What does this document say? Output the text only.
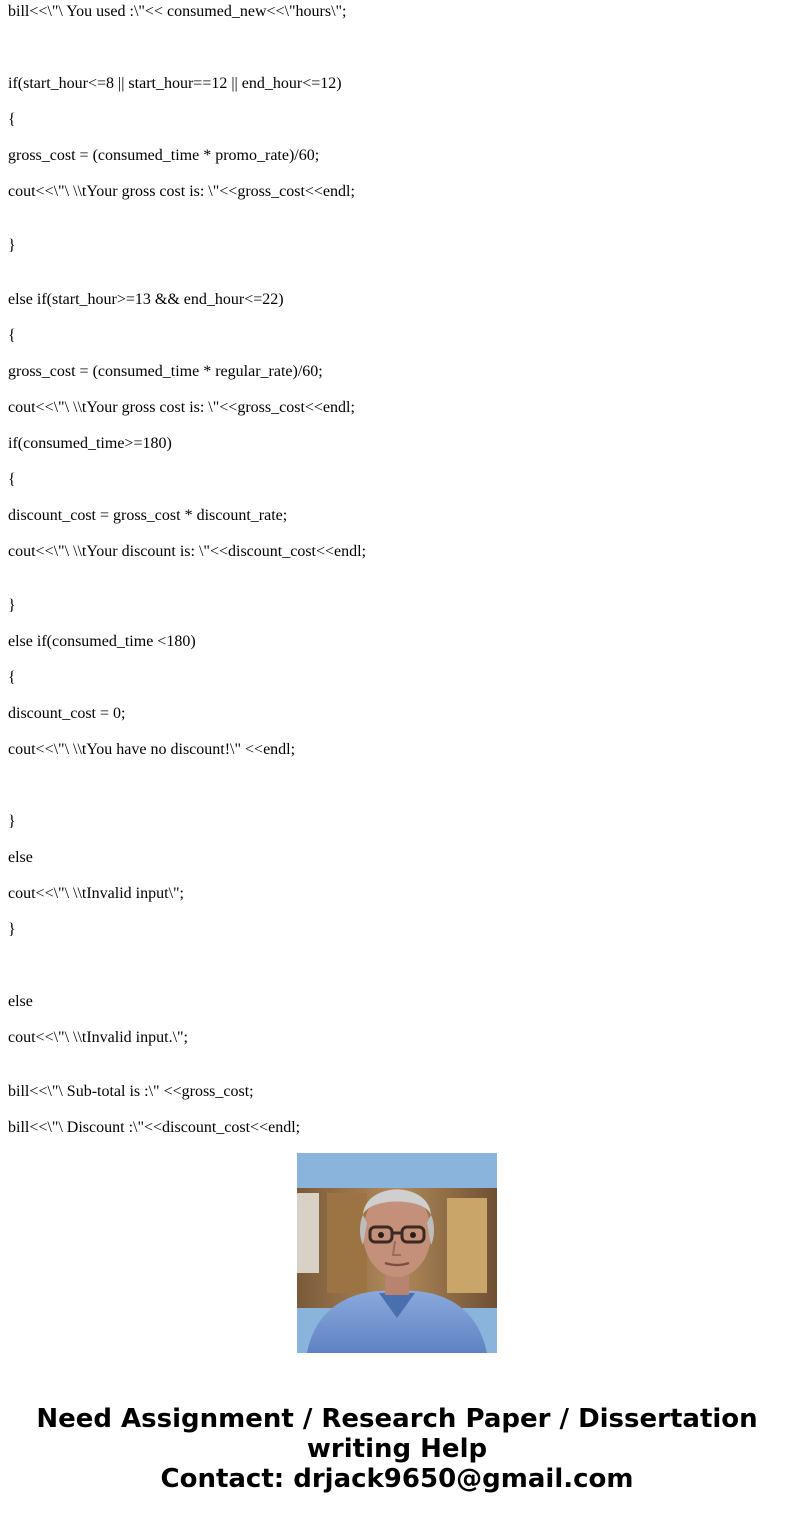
bill<<\"\ You used :\"<< consumed_new<<\"hours\";

if(start_hour<=8 || start_hour==12 || end_hour<=12)

{

gross_cost = (consumed_time * promo_rate)/60;

cout<<\"\ \\tYour gross cost is: \"<<gross_cost<<endl;

}

else if(start_hour>=13 && end_hour<=22)

{

gross_cost = (consumed_time * regular_rate)/60;

cout<<\"\ \\tYour gross cost is: \"<<gross_cost<<endl;

if(consumed_time>=180)

{

discount_cost = gross_cost * discount_rate;

cout<<\"\ \\tYour discount is: \"<<discount_cost<<endl;

}

else if(consumed_time <180)

{

discount_cost = 0;

cout<<\"\ \\tYou have no discount!\" <<endl;

}

else

cout<<\"\ \\tInvalid input\";

}

else

cout<<\"\ \\tInvalid input.\";

bill<<\"\ Sub-total is :\" <<gross_cost;

bill<<\"\ Discount :\"<<discount_cost<<endl;

Need Assignment / Research Paper / Dissertation
writing Help
Contact: drjack9650@gmail.com
